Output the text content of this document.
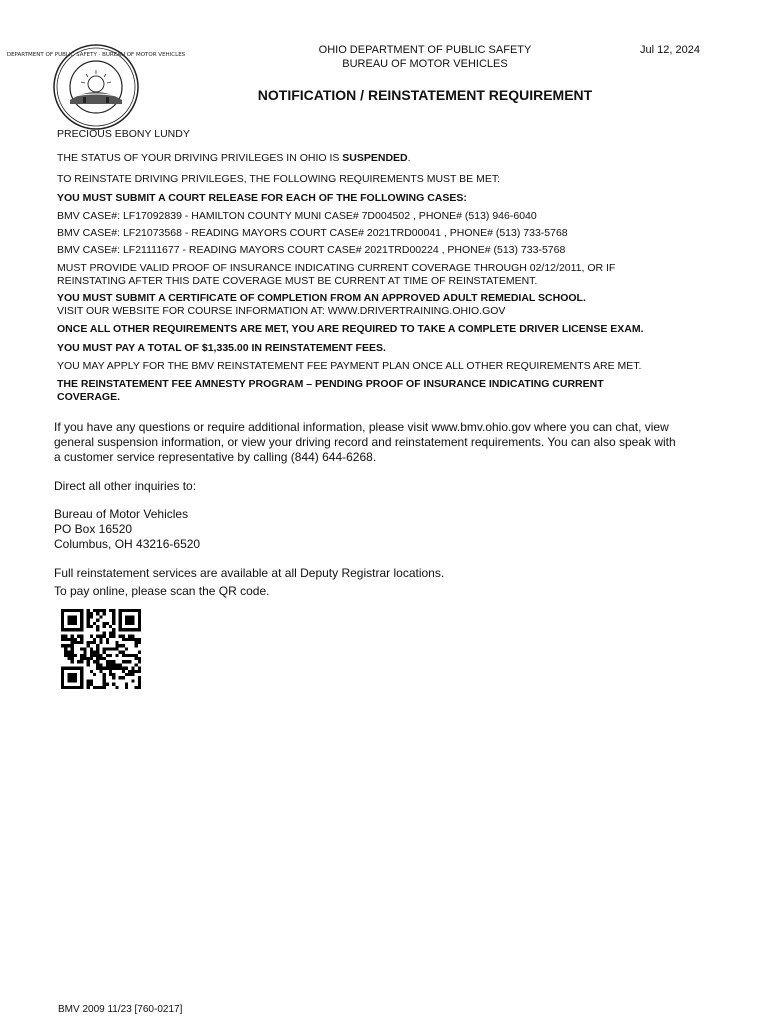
DEPARTMENT OF PUBLIC SAFETY · BUREAU OF MOTOR VEHICLES	OHIO DEPARTMENT OF PUBLIC SAFETY
BUREAU OF MOTOR VEHICLES
Jul 12, 2024
NOTIFICATION / REINSTATEMENT REQUIREMENT
PRECIOUS EBONY LUNDY
THE STATUS OF YOUR DRIVING PRIVILEGES IN OHIO IS SUSPENDED.
TO REINSTATE DRIVING PRIVILEGES, THE FOLLOWING REQUIREMENTS MUST BE MET:
YOU MUST SUBMIT A COURT RELEASE FOR EACH OF THE FOLLOWING CASES:
BMV CASE#: LF17092839 - HAMILTON COUNTY MUNI CASE# 7D004502 , PHONE# (513) 946-6040
BMV CASE#: LF21073568 - READING MAYORS COURT CASE# 2021TRD00041 , PHONE# (513) 733-5768
BMV CASE#: LF21111677 - READING MAYORS COURT CASE# 2021TRD00224 , PHONE# (513) 733-5768
MUST PROVIDE VALID PROOF OF INSURANCE INDICATING CURRENT COVERAGE THROUGH 02/12/2011, OR IF
REINSTATING AFTER THIS DATE COVERAGE MUST BE CURRENT AT TIME OF REINSTATEMENT.
YOU MUST SUBMIT A CERTIFICATE OF COMPLETION FROM AN APPROVED ADULT REMEDIAL SCHOOL.
VISIT OUR WEBSITE FOR COURSE INFORMATION AT: WWW.DRIVERTRAINING.OHIO.GOV
ONCE ALL OTHER REQUIREMENTS ARE MET, YOU ARE REQUIRED TO TAKE A COMPLETE DRIVER LICENSE EXAM.
YOU MUST PAY A TOTAL OF $1,335.00 IN REINSTATEMENT FEES.
YOU MAY APPLY FOR THE BMV REINSTATEMENT FEE PAYMENT PLAN ONCE ALL OTHER REQUIREMENTS ARE MET.
THE REINSTATEMENT FEE AMNESTY PROGRAM – PENDING PROOF OF INSURANCE INDICATING CURRENT
COVERAGE.
If you have any questions or require additional information, please visit www.bmv.ohio.gov where you can chat, view
general suspension information, or view your driving record and reinstatement requirements. You can also speak with
a customer service representative by calling (844) 644-6268.
Direct all other inquiries to:
Bureau of Motor Vehicles
PO Box 16520
Columbus, OH 43216-6520
Full reinstatement services are available at all Deputy Registrar locations.
To pay online, please scan the QR code.
BMV 2009 11/23 [760-0217]
